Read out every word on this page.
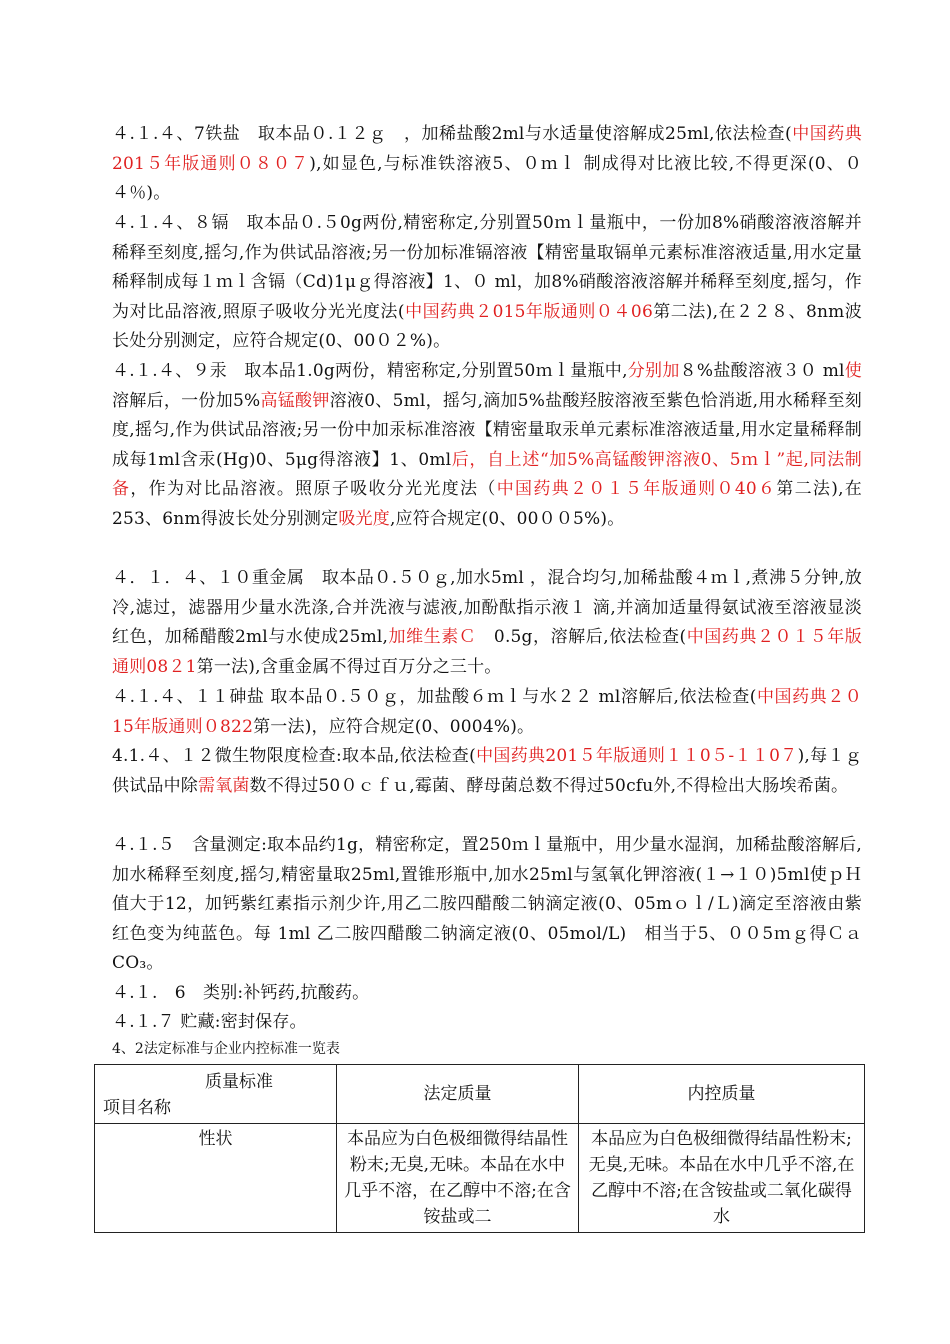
４.１.４、7铁盐　取本品０.１２ｇ　，加稀盐酸2ml与水适量使溶解成25ml,依法检查(中国药典201５年版通则０８０７),如显色,与标准铁溶液5、０ｍｌ 制成得对比液比较,不得更深(0、０４％)。

４.１.４、８镉　取本品０.５0g两份,精密称定,分别置50ｍｌ量瓶中，一份加8%硝酸溶液溶解并稀释至刻度,摇匀,作为供试品溶液;另一份加标准镉溶液【精密量取镉单元素标准溶液适量,用水定量稀释制成每１ｍｌ含镉（Cd)1μｇ得溶液】1、０ ml，加8%硝酸溶液溶解并稀释至刻度,摇匀，作为对比品溶液,照原子吸收分光光度法(中国药典２015年版通则０４06第二法),在２２８、8nm波长处分别测定，应符合规定(0、00０２%)。

４.１.４、９汞　取本品1.0g两份，精密称定,分别置50ｍｌ量瓶中,分别加８%盐酸溶液３０ ml使溶解后，一份加5%高锰酸钾溶液0、5ml，摇匀,滴加5%盐酸羟胺溶液至紫色恰消逝,用水稀释至刻度,摇匀,作为供试品溶液;另一份中加汞标准溶液【精密量取汞单元素标准溶液适量,用水定量稀释制成每1ml含汞(Hg)0、5μg得溶液】1、0ml后，自上述“加5%高锰酸钾溶液0、5ｍｌ”起,同法制备，作为对比品溶液。照原子吸收分光光度法（中国药典２０１５年版通则０40６第二法),在253、6nm得波长处分别测定吸光度,应符合规定(0、00００5%)。

４．１．４、１０重金属　取本品０.５０ｇ,加水5ml ，混合均匀,加稀盐酸４ｍｌ,煮沸５分钟,放冷,滤过，滤器用少量水洗涤,合并洗液与滤液,加酚酞指示液１ 滴,并滴加适量得氨试液至溶液显淡红色，加稀醋酸2ml与水使成25ml,加维生素Ｃ　0.5g，溶解后,依法检查(中国药典２０１５年版通则08２1第一法),含重金属不得过百万分之三十。

４.１.４、１１砷盐 取本品０.５０ｇ，加盐酸６ｍｌ与水２２ ml溶解后,依法检查(中国药典２０15年版通则０822第一法)，应符合规定(0、0004%)。

4.1.４、１２微生物限度检查:取本品,依法检查(中国药典201５年版通则１１0５-１１0７),每１ｇ供试品中除需氧菌数不得过50０ｃｆｕ,霉菌、酵母菌总数不得过50cfu外,不得检出大肠埃希菌。

４.１.５　含量测定:取本品约1g，精密称定，置250ｍｌ量瓶中，用少量水湿润，加稀盐酸溶解后,加水稀释至刻度,摇匀,精密量取25ml,置锥形瓶中,加水25ml与氢氧化钾溶液(１→１０)5ml使ｐＨ值大于12，加钙紫红素指示剂少许,用乙二胺四醋酸二钠滴定液(0、05mｏｌ/Ｌ)滴定至溶液由紫红色变为纯蓝色。每 1ml 乙二胺四醋酸二钠滴定液(0、05mol/L)　相当于5、００5ｍｇ得ＣａCO₃。

４.１.　6　类别:补钙药,抗酸药。

４.１.７ 贮藏:密封保存。

4、2法定标准与企业内控标准一览表

质量标准
项目名称	法定质量	内控质量
性状	本品应为白色极细微得结晶性粉末;无臭,无味。本品在水中几乎不溶，在乙醇中不溶;在含铵盐或二	本品应为白色极细微得结晶性粉末;无臭,无味。本品在水中几乎不溶,在乙醇中不溶;在含铵盐或二氧化碳得水
